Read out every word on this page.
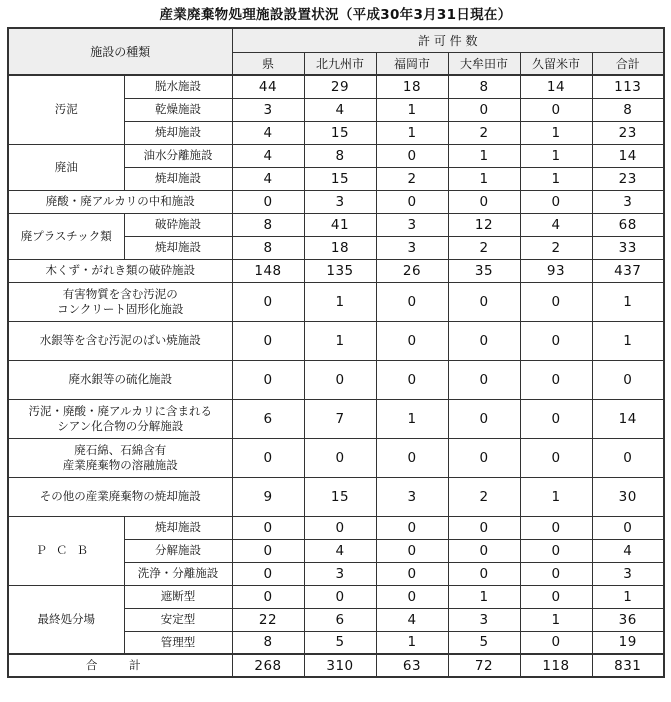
産業廃棄物処理施設設置状況（平成30年3月31日現在）
施設の種類		許 可 件 数					
		県	北九州市	福岡市	大牟田市	久留米市	合計
汚泥	脱水施設	44	29	18	8	14	113
	乾燥施設	3	4	1	0	0	8
	焼却施設	4	15	1	2	1	23
廃油	油水分離施設	4	8	0	1	1	14
	焼却施設	4	15	2	1	1	23
廃酸・廃アルカリの中和施設		0	3	0	0	0	3
廃プラスチック類	破砕施設	8	41	3	12	4	68
	焼却施設	8	18	3	2	2	33
木くず・がれき類の破砕施設		148	135	26	35	93	437
有害物質を含む汚泥の
コンクリート固形化施設		0	1	0	0	0	1
水銀等を含む汚泥のばい焼施設		0	1	0	0	0	1
廃水銀等の硫化施設		0	0	0	0	0	0
汚泥・廃酸・廃アルカリに含まれる
シアン化合物の分解施設		6	7	1	0	0	14
廃石綿、石綿含有
産業廃棄物の溶融施設		0	0	0	0	0	0
その他の産業廃棄物の焼却施設		9	15	3	2	1	30
ＰＣＢ	焼却施設	0	0	0	0	0	0
	分解施設	0	4	0	0	0	4
	洗浄・分離施設	0	3	0	0	0	3
最終処分場	遮断型	0	0	0	1	0	1
	安定型	22	6	4	3	1	36
	管理型	8	5	1	5	0	19
合 計		268	310	63	72	118	831
